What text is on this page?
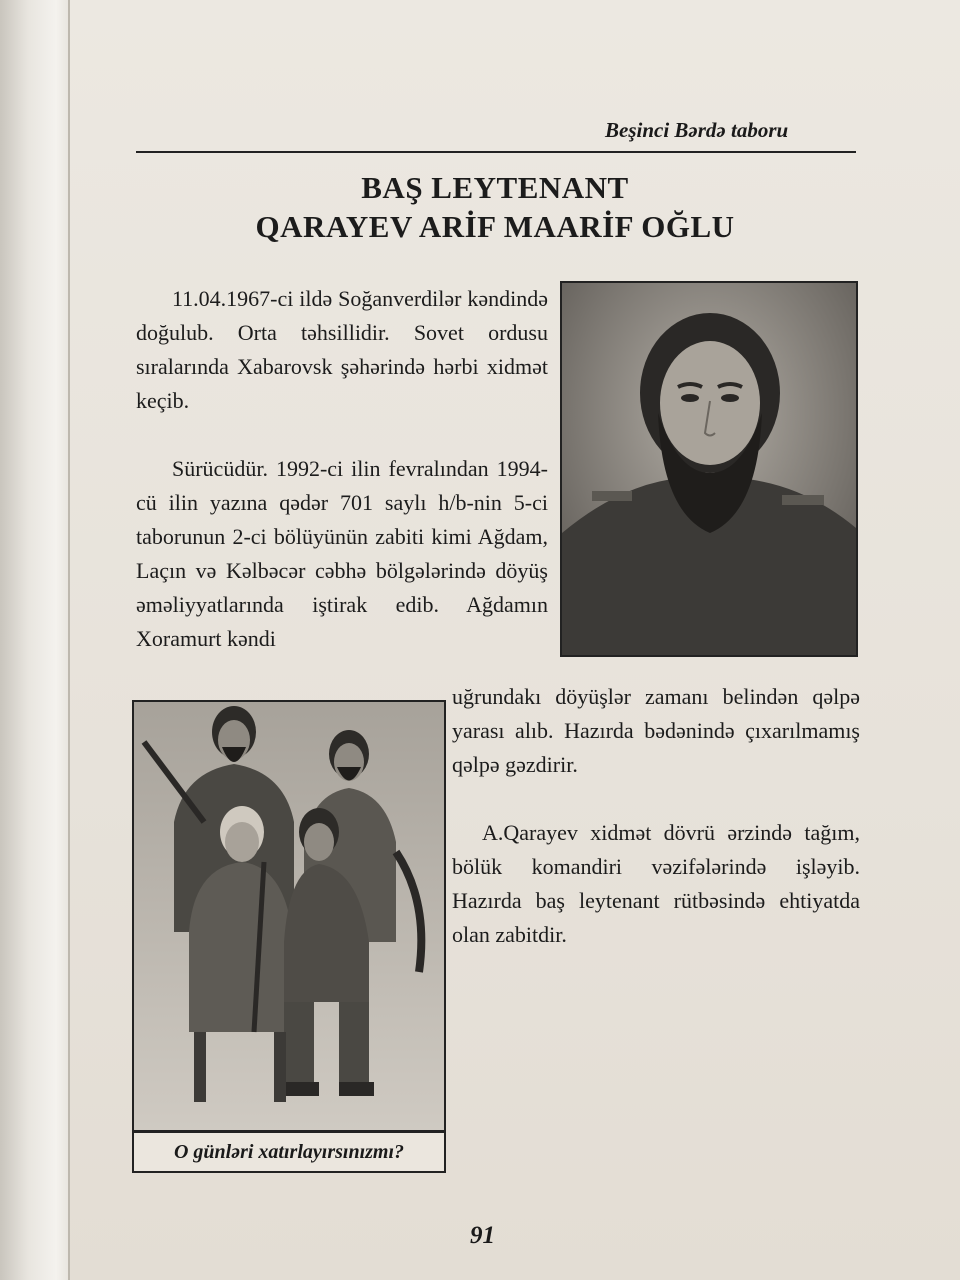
Beşinci Bərdə taboru
BAŞ LEYTENANT
QARAYEV ARİF MAARİF OĞLU

11.04.1967-ci ildə Soğanverdilər kəndində doğulub. Orta təhsillidir. Sovet ordusu sıralarında Xabarovsk şəhərində hərbi xidmət keçib.

Sürücüdür. 1992-ci ilin fevralından 1994-cü ilin yazına qədər 701 saylı h/b-nin 5-ci taborunun 2-ci bölüyünün zabiti kimi Ağdam, Laçın və Kəlbəcər cəbhə bölgələrində döyüş əməliyyatlarında iştirak edib. Ağdamın Xoramurt kəndi

uğrundakı döyüşlər zamanı belindən qəlpə yarası alıb. Hazırda bədənində çıxarılmamış qəlpə gəzdirir.

A.Qarayev xidmət dövrü ərzində tağım, bölük komandiri vəzifələrində işləyib. Hazırda baş leytenant rütbəsində ehtiyatda olan zabitdir.

O günləri xatırlayırsınızmı?
91
